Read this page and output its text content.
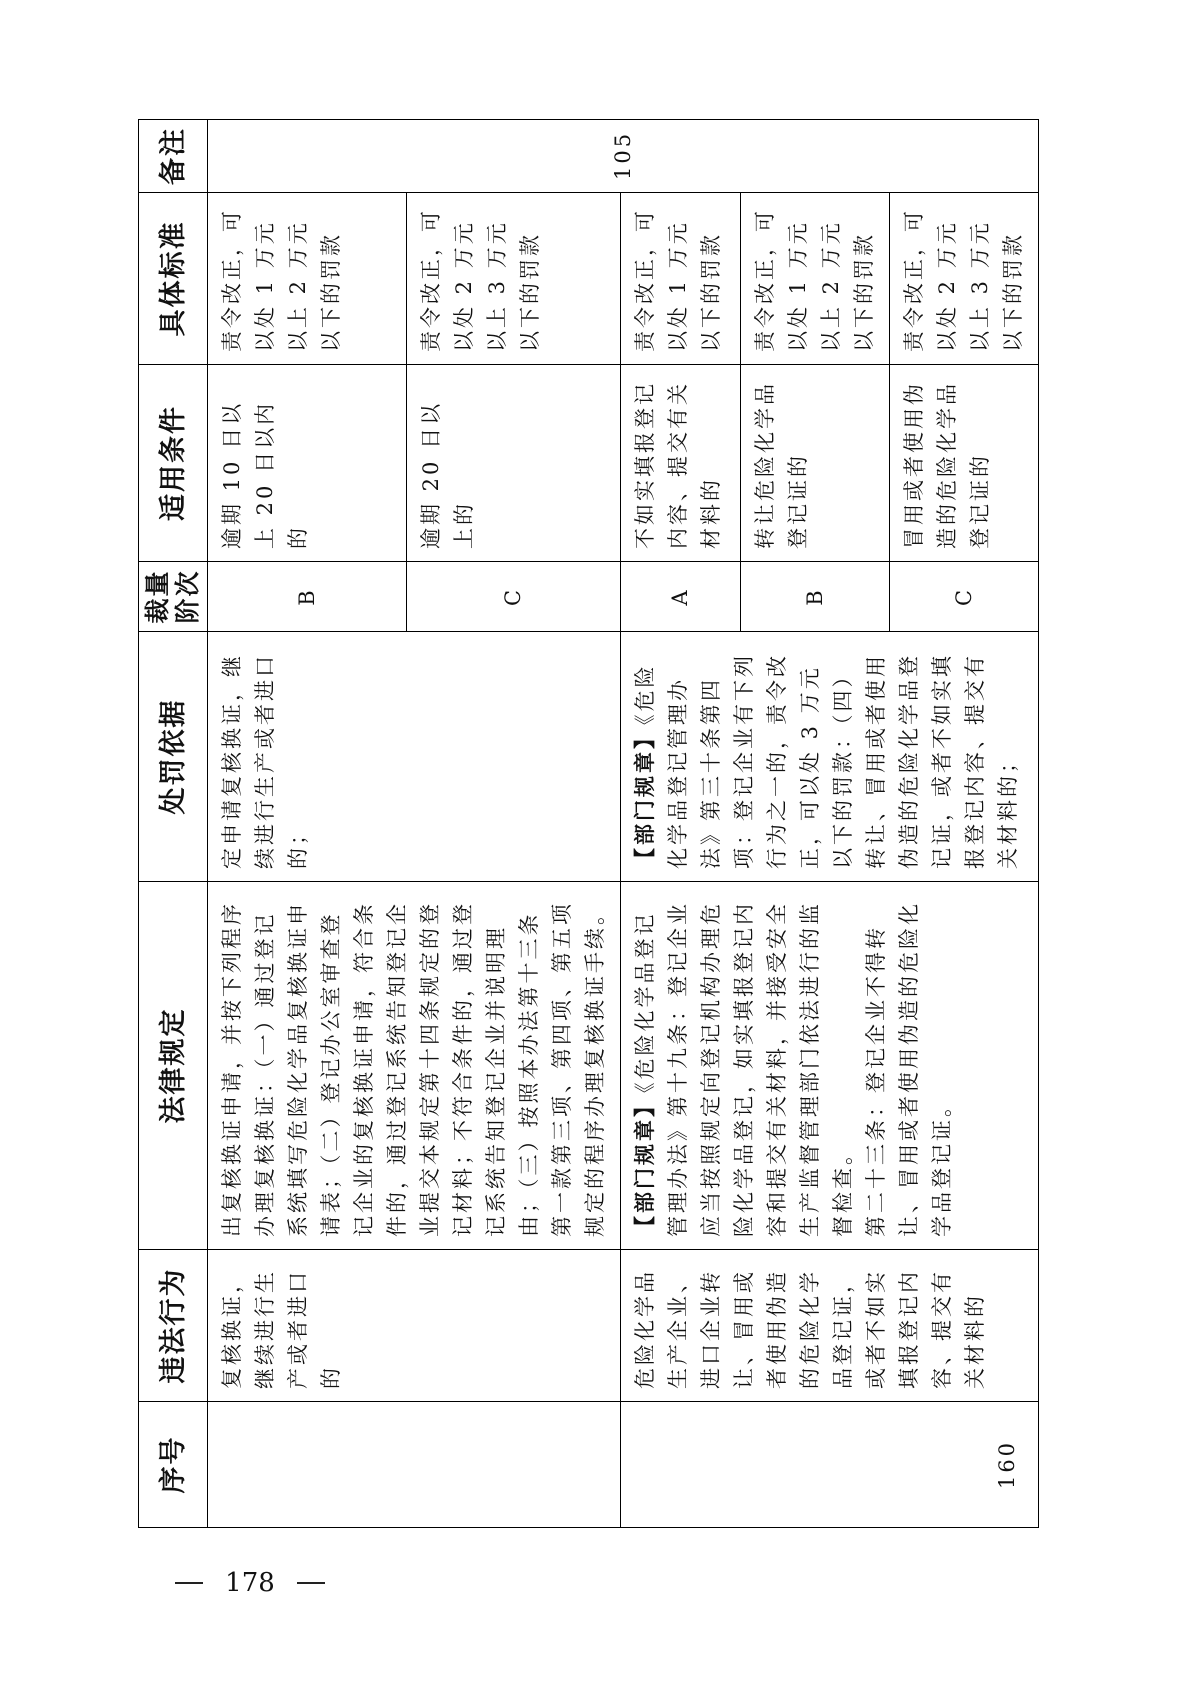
序号	违法行为	法律规定	处罚依据	裁量阶次	适用条件	具体标准	备注
	复核换证，继续进行生产或者进口的	出复核换证申请，并按下列程序办理复核换证：（一）通过登记系统填写危险化学品复核换证申请表；（二）登记办公室审查登记企业的复核换证申请，符合条件的，通过登记系统告知登记企业提交本规定第十四条规定的登记材料；不符合条件的，通过登记系统告知登记企业并说明理由；（三）按照本办法第十三条第一款第三项、第四项、第五项规定的程序办理复核换证手续。	定申请复核换证，继续进行生产或者进口的；	B	逾期 10 日以上 20 日以内的	责令改正，可以处 1 万元以上 2 万元以下的罚款	105
				C	逾期 20 日以上的	责令改正，可以处 2 万元以上 3 万元以下的罚款	
160	危险化学品生产企业、进口企业转让、冒用或者使用伪造的危险化学品登记证，或者不如实填报登记内容、提交有关材料的	【部门规章】《危险化学品登记管理办法》第十九条：登记企业应当按照规定向登记机构办理危险化学品登记，如实填报登记内容和提交有关材料，并接受安全生产监督管理部门依法进行的监督检查。 第二十三条：登记企业不得转让、冒用或者使用伪造的危险化学品登记证。	【部门规章】《危险化学品登记管理办法》第三十条第四项：登记企业有下列行为之一的，责令改正，可以处 3 万元以下的罚款：（四）转让、冒用或者使用伪造的危险化学品登记证，或者不如实填报登记内容、提交有关材料的；	A	不如实填报登记内容、提交有关材料的	责令改正，可以处 1 万元以下的罚款	
				B	转让危险化学品登记证的	责令改正，可以处 1 万元以上 2 万元以下的罚款	
				C	冒用或者使用伪造的危险化学品登记证的	责令改正，可以处 2 万元以上 3 万元以下的罚款	
178
